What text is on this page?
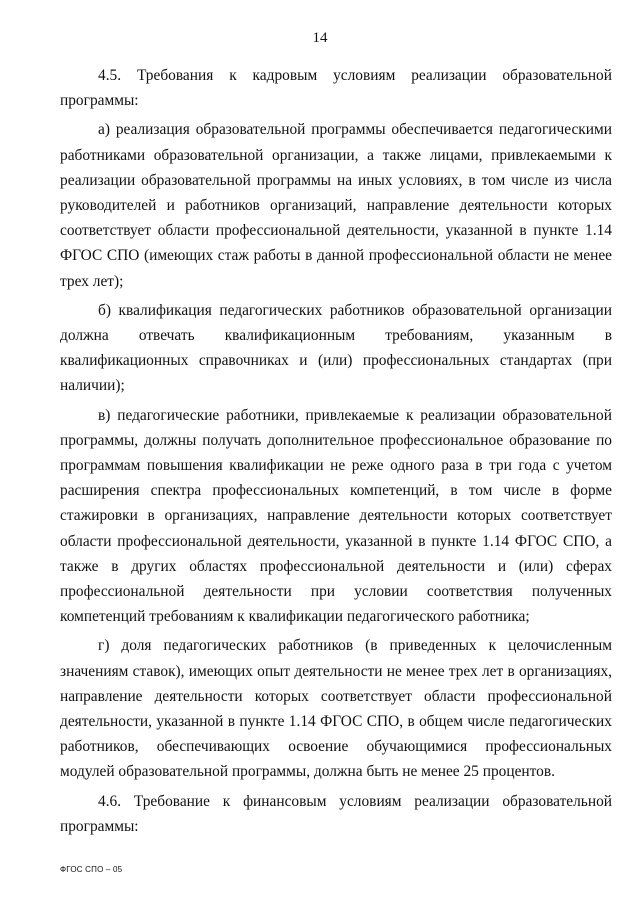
14

4.5. Требования к кадровым условиям реализации образовательной программы:

а) реализация образовательной программы обеспечивается педагогическими работниками образовательной организации, а также лицами, привлекаемыми к реализации образовательной программы на иных условиях, в том числе из числа руководителей и работников организаций, направление деятельности которых соответствует области профессиональной деятельности, указанной в пункте 1.14 ФГОС СПО (имеющих стаж работы в данной профессиональной области не менее трех лет);

б) квалификация педагогических работников образовательной организации должна отвечать квалификационным требованиям, указанным в квалификационных справочниках и (или) профессиональных стандартах (при наличии);

в) педагогические работники, привлекаемые к реализации образовательной программы, должны получать дополнительное профессиональное образование по программам повышения квалификации не реже одного раза в три года с учетом расширения спектра профессиональных компетенций, в том числе в форме стажировки в организациях, направление деятельности которых соответствует области профессиональной деятельности, указанной в пункте 1.14 ФГОС СПО, а также в других областях профессиональной деятельности и (или) сферах профессиональной деятельности при условии соответствия полученных компетенций требованиям к квалификации педагогического работника;

г) доля педагогических работников (в приведенных к целочисленным значениям ставок), имеющих опыт деятельности не менее трех лет в организациях, направление деятельности которых соответствует области профессиональной деятельности, указанной в пункте 1.14 ФГОС СПО, в общем числе педагогических работников, обеспечивающих освоение обучающимися профессиональных модулей образовательной программы, должна быть не менее 25 процентов.

4.6. Требование к финансовым условиям реализации образовательной программы:

ФГОС СПО – 05
